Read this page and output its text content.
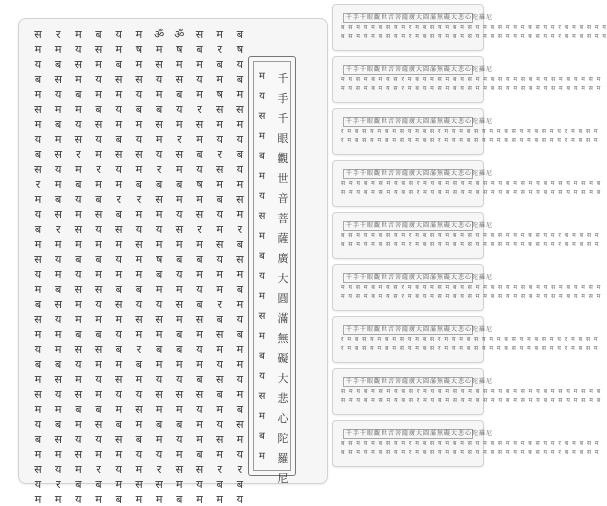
千手千眼觀世音菩薩廣大圓滿無礙大悲心陀羅尼
ब स म य म ब स य म र म ब स य म ब म स य म ब स म य म ब स य म र ब म ब स म य
ब स म य म ब स य म र म ब स य म ब म स य म ब स म य म ब स य म र ब म ब स म य
千手千眼觀世音菩薩廣大圓滿無礙大悲心陀羅尼
म य स म ब म य स र म ब य म स म ब य स म म ब स य म स ब म य स म ब य म स म
म य स म ब म य स र म ब य म स म ब य स म म ब स य म स ब म य स म ब य म स म
千手千眼觀世音菩薩廣大圓滿無礙大悲心陀羅尼
र म ब स य म ब म स य म ब स र म य म ब स य म म ब स य म ब स म य र म ब स म
र म ब स य म ब म स य म ब स र म य म ब स य म म ब स य म ब स म य र म ब स म
千手千眼觀世音菩薩廣大圓滿無礙大悲心陀羅尼
स म य ब म स म य ब स र म य ब म स य म ब स म य ब म स म य ब म स य म स म ब
स म य ब म स म य ब स र म य ब म स य म ब स म य ब म स म य ब म स य म स म ब
千手千眼觀世音菩薩廣大圓滿無礙大悲心陀羅尼
ब स म य म ब स य म र म ब स य म ब म स य म ब स म य म ब स य म र ब म ब स म
ब स म य म ब स य म र म ब स य म ब म स य म ब स म य म ब स य म र ब म ब स म
千手千眼觀世音菩薩廣大圓滿無礙大悲心陀羅尼
म य स म ब म य स र म ब य म स म ब य स म म ब स य म स ब म य स म ब य म स म
म य स म ब म य स र म ब य म स म ब य स म म ब स य म स ब म य स म ब य म स म
千手千眼觀世音菩薩廣大圓滿無礙大悲心陀羅尼
र म ब स य म ब म स य म ब स र म य म ब स य म म ब स य म ब स म य र म ब स म
र म ब स य म ब म स य म ब स र म य म ब स य म म ब स य म ब स म य र म ब स म
千手千眼觀世音菩薩廣大圓滿無礙大悲心陀羅尼
स म य ब म स म य ब स र म य ब म स य म ब स म य ब म स म य ब म स य म स म ब
स म य ब म स म य ब स र म य ब म स य म ब स म य ब म स म य ब म स य म स म ब
千手千眼觀世音菩薩廣大圓滿無礙大悲心陀羅尼
ब स म य म ब स य म र म ब स य म ब म स य म ब स म य म ब स य म र ब म ब स म
ब स म य म ब स य म र म ब स य म ब म स य म ब स म य म ब स य म र ब म ब स म
ब
ष
य
ब
म
स
म
य
ब
य
म
स
म
र
ब
स
म
ब
म
य
ब
म
म
य
म
ब
स
म
य
र
ब
य
म
र
ब
म
ष
स
म
य
र
स
म
ब
य
म
स
य
म
म
र
ब
स
म
य
स
ब
म
य
स
म
र
ब
म
स
ब
म
य
म
र
स
म
ब
य
ष
म
स
र
म
ब
म
य
ब
स
म
य
म
ब
स
य
म
म
ब
स
य
म
ॐ
ष
म
स
ब
य
म
र
स
म
ब
म
य
स
म
ब
य
म
स
म
ब
ब
म
य
स
म
ब
य
म
स
म
ब
ॐ
म
स
य
म
ब
स
म
य
र
ब
स
म
य
म
ष
ब
म
य
स
म
ब
म
य
स
म
ब
म
य
र
स
म
म
ष
म
स
य
ब
म
य
स
म
ब
र
म
य
स
म
म
ब
य
स
म
र
ब
म
य
स
म
ब
य
म
स
म
य
म
ब
स
म
य
म
ब
स
य
म
र
ब
स
म
य
म
ब
स
म
य
ब
म
स
य
म
ब
स
म
य
म
ब
ब
स
म
य
म
ब
स
य
म
र
म
ब
स
य
म
ब
म
स
य
म
ब
स
म
य
म
ब
स
य
म
र
ब
म
म
य
स
म
ब
म
य
स
र
म
ब
य
म
स
म
ब
य
स
म
म
ब
स
य
म
स
ब
म
य
स
म
ब
य
र
म
ब
स
य
म
ब
म
स
य
म
ब
स
र
म
य
म
ब
स
य
म
म
ब
स
य
म
ब
स
म
य
र
म
स
म
य
ब
म
स
म
य
ब
स
र
म
य
ब
म
स
य
म
ब
स
म
य
ब
म
स
म
य
ब
म
स
य
म
म
य
स
म
ब
म
य
स
म
ब
य
म
स
म
ब
य
स
म
ब
म
千手千眼觀世音菩薩廣大圓滿無礙大悲心陀羅尼
